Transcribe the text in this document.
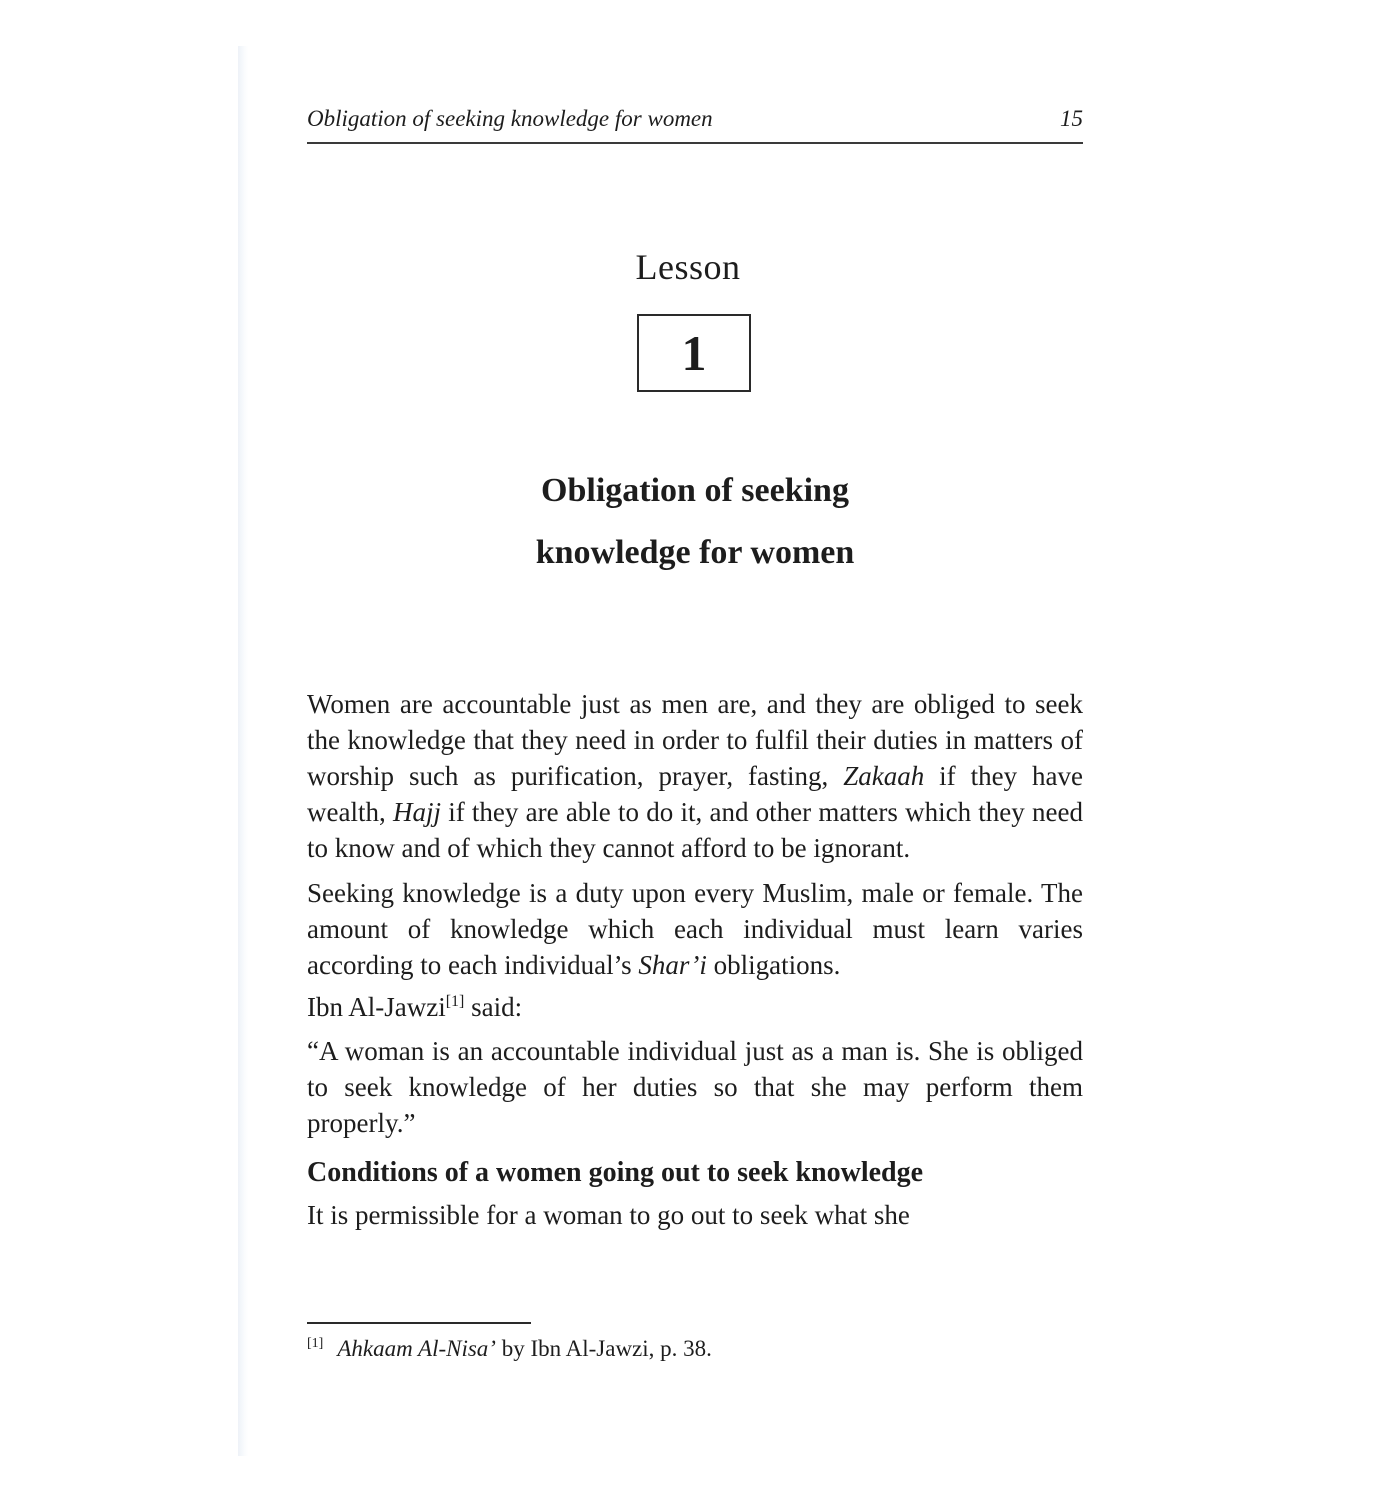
Obligation of seeking knowledge for women	15
Lesson
1
Obligation of seeking
knowledge for women

Women are accountable just as men are, and they are obliged to seek the knowledge that they need in order to fulfil their duties in matters of worship such as purification, prayer, fasting, Zakaah if they have wealth, Hajj if they are able to do it, and other matters which they need to know and of which they cannot afford to be ignorant.

Seeking knowledge is a duty upon every Muslim, male or female. The amount of knowledge which each individual must learn varies according to each individual’s Shar’i obligations.

Ibn Al-Jawzi[1] said:

“A woman is an accountable individual just as a man is. She is obliged to seek knowledge of her duties so that she may perform them properly.”

Conditions of a women going out to seek knowledge

It is permissible for a woman to go out to seek what she

[1] Ahkaam Al-Nisa’ by Ibn Al-Jawzi, p. 38.
